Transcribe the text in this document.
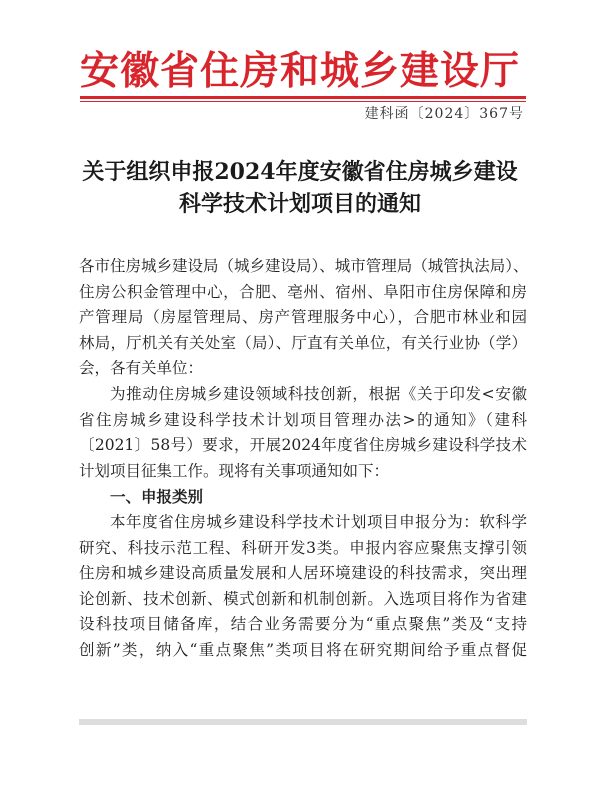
安徽省住房和城乡建设厅
建科函〔2024〕367号
关于组织申报2024年度安徽省住房城乡建设
科学技术计划项目的通知

各市住房城乡建设局（城乡建设局）、城市管理局（城管执法局）、
住房公积金管理中心，合肥、亳州、宿州、阜阳市住房保障和房
产管理局（房屋管理局、房产管理服务中心），合肥市林业和园
林局，厅机关有关处室（局）、厅直有关单位，有关行业协（学）
会，各有关单位：

为推动住房城乡建设领域科技创新，根据《关于印发<安徽
省住房城乡建设科学技术计划项目管理办法>的通知》（建科
〔2021〕58号）要求，开展2024年度省住房城乡建设科学技术
计划项目征集工作。现将有关事项通知如下：

一、申报类别

本年度省住房城乡建设科学技术计划项目申报分为：软科学
研究、科技示范工程、科研开发3类。申报内容应聚焦支撑引领
住房和城乡建设高质量发展和人居环境建设的科技需求，突出理
论创新、技术创新、模式创新和机制创新。入选项目将作为省建
设科技项目储备库，结合业务需要分为“重点聚焦”类及“支持
创新”类，纳入“重点聚焦”类项目将在研究期间给予重点督促
